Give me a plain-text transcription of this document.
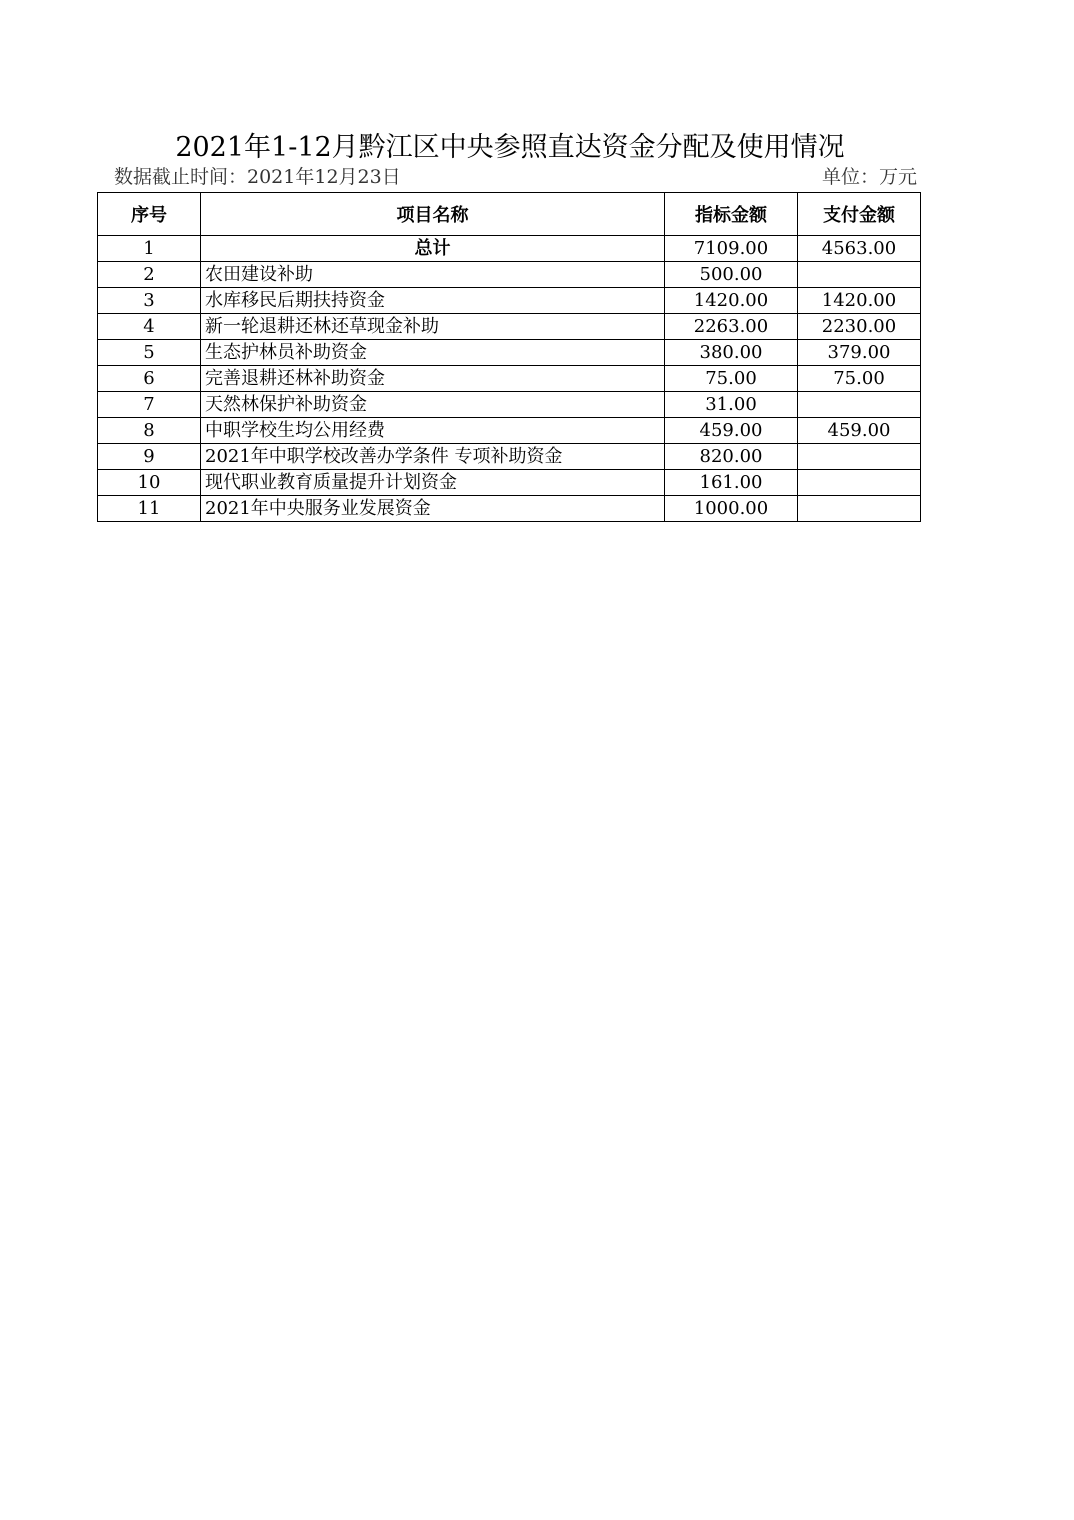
2021年1-12月黔江区中央参照直达资金分配及使用情况
数据截止时间：2021年12月23日	单位：万元
序号	项目名称	指标金额	支付金额
1	总计	7109.00	4563.00
2	农田建设补助	500.00	
3	水库移民后期扶持资金	1420.00	1420.00
4	新一轮退耕还林还草现金补助	2263.00	2230.00
5	生态护林员补助资金	380.00	379.00
6	完善退耕还林补助资金	75.00	75.00
7	天然林保护补助资金	31.00	
8	中职学校生均公用经费	459.00	459.00
9	2021年中职学校改善办学条件 专项补助资金	820.00	
10	现代职业教育质量提升计划资金	161.00	
11	2021年中央服务业发展资金	1000.00	
